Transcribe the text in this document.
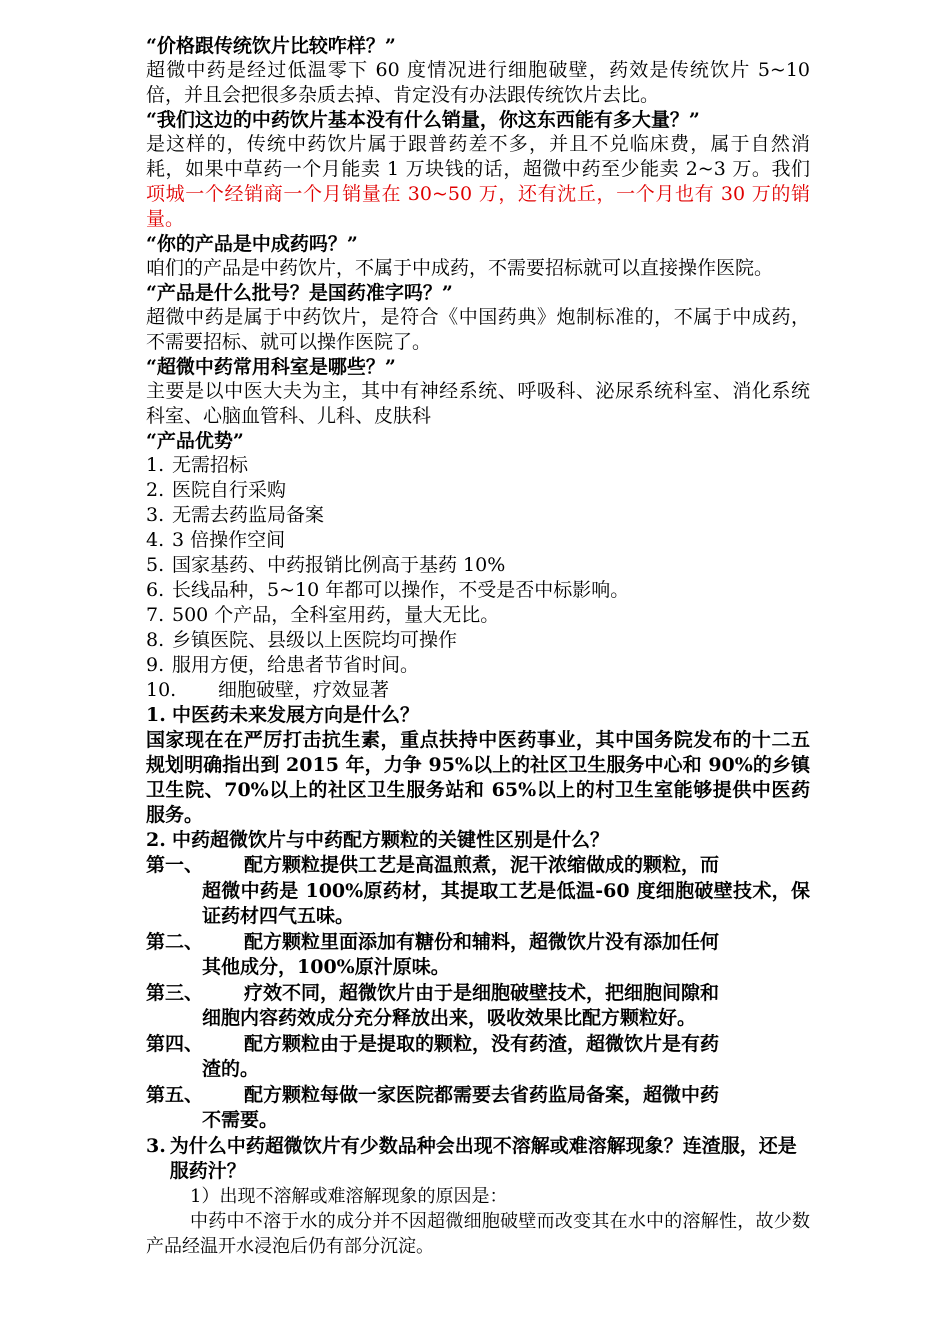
“价格跟传统饮片比较咋样？”
超微中药是经过低温零下 60 度情况进行细胞破壁，药效是传统饮片 5~10 倍，并且会把很多杂质去掉、肯定没有办法跟传统饮片去比。
“我们这边的中药饮片基本没有什么销量，你这东西能有多大量？”
是这样的，传统中药饮片属于跟普药差不多，并且不兑临床费，属于自然消耗，如果中草药一个月能卖 1 万块钱的话，超微中药至少能卖 2~3 万。我们项城一个经销商一个月销量在 30~50 万，还有沈丘，一个月也有 30 万的销量。
“你的产品是中成药吗？”
咱们的产品是中药饮片，不属于中成药，不需要招标就可以直接操作医院。
“产品是什么批号？是国药准字吗？”
超微中药是属于中药饮片，是符合《中国药典》炮制标准的，不属于中成药，不需要招标、就可以操作医院了。
“超微中药常用科室是哪些？”
主要是以中医大夫为主，其中有神经系统、呼吸科、泌尿系统科室、消化系统科室、心脑血管科、儿科、皮肤科
“产品优势”
1. 无需招标
2. 医院自行采购
3. 无需去药监局备案
4. 3 倍操作空间
5. 国家基药、中药报销比例高于基药 10%
6. 长线品种，5~10 年都可以操作，不受是否中标影响。
7. 500 个产品，全科室用药，量大无比。
8. 乡镇医院、县级以上医院均可操作
9. 服用方便，给患者节省时间。
10.	细胞破壁，疗效显著
1. 中医药未来发展方向是什么？
国家现在在严厉打击抗生素，重点扶持中医药事业，其中国务院发布的十二五规划明确指出到 2015 年，力争 95%以上的社区卫生服务中心和 90%的乡镇卫生院、70%以上的社区卫生服务站和 65%以上的村卫生室能够提供中医药服务。
2. 中药超微饮片与中药配方颗粒的关键性区别是什么？
第一、	配方颗粒提供工艺是高温煎煮，泥干浓缩做成的颗粒，而
超微中药是 100%原药材，其提取工艺是低温-60 度细胞破壁技术，保证药材四气五味。
第二、	配方颗粒里面添加有糖份和辅料，超微饮片没有添加任何
其他成分，100%原汁原味。
第三、	疗效不同，超微饮片由于是细胞破壁技术，把细胞间隙和
细胞内容药效成分充分释放出来，吸收效果比配方颗粒好。
第四、	配方颗粒由于是提取的颗粒，没有药渣，超微饮片是有药
渣的。
第五、	配方颗粒每做一家医院都需要去省药监局备案，超微中药
不需要。
3. 为什么中药超微饮片有少数品种会出现不溶解或难溶解现象？连渣服，还是服药汁？
1）出现不溶解或难溶解现象的原因是：
中药中不溶于水的成分并不因超微细胞破壁而改变其在水中的溶解性，故少数产品经温开水浸泡后仍有部分沉淀。
